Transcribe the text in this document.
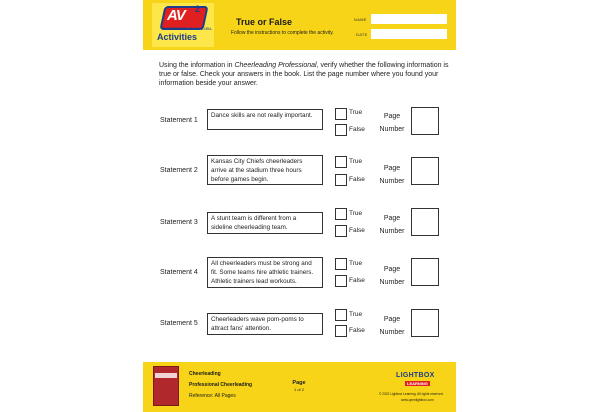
AV 2
POWERED BY WEIGL
Activities
True or False
Follow the instructions to complete the activity.
NAME
DATE
Using the information in Cheerleading Professional, verify whether the following information is true or false. Check your answers in the book. List the page number where you found your information beside your answer.
Statement 1
Dance skills are not really important.	True
False
Page Number
Statement 2
Kansas City Chiefs cheerleaders arrive at the stadium three hours before games begin.
True
False
Page Number
Statement 3
A stunt team is different from a sideline cheerleading team.
True
False
Page Number
Statement 4
All cheerleaders must be strong and fit. Some teams hire athletic trainers. Athletic trainers lead workouts.
True
False
Page Number
Statement 5
Cheerleaders wave pom-poms to attract fans' attention.
True
False
Page Number
Cheerleading
Professional Cheerleading
Reference: All Pages
Page
1 of 2
LIGHTBOX
LEARNING
© 2022 Lightbox Learning. All rights reserved.
www.openlightbox.com
